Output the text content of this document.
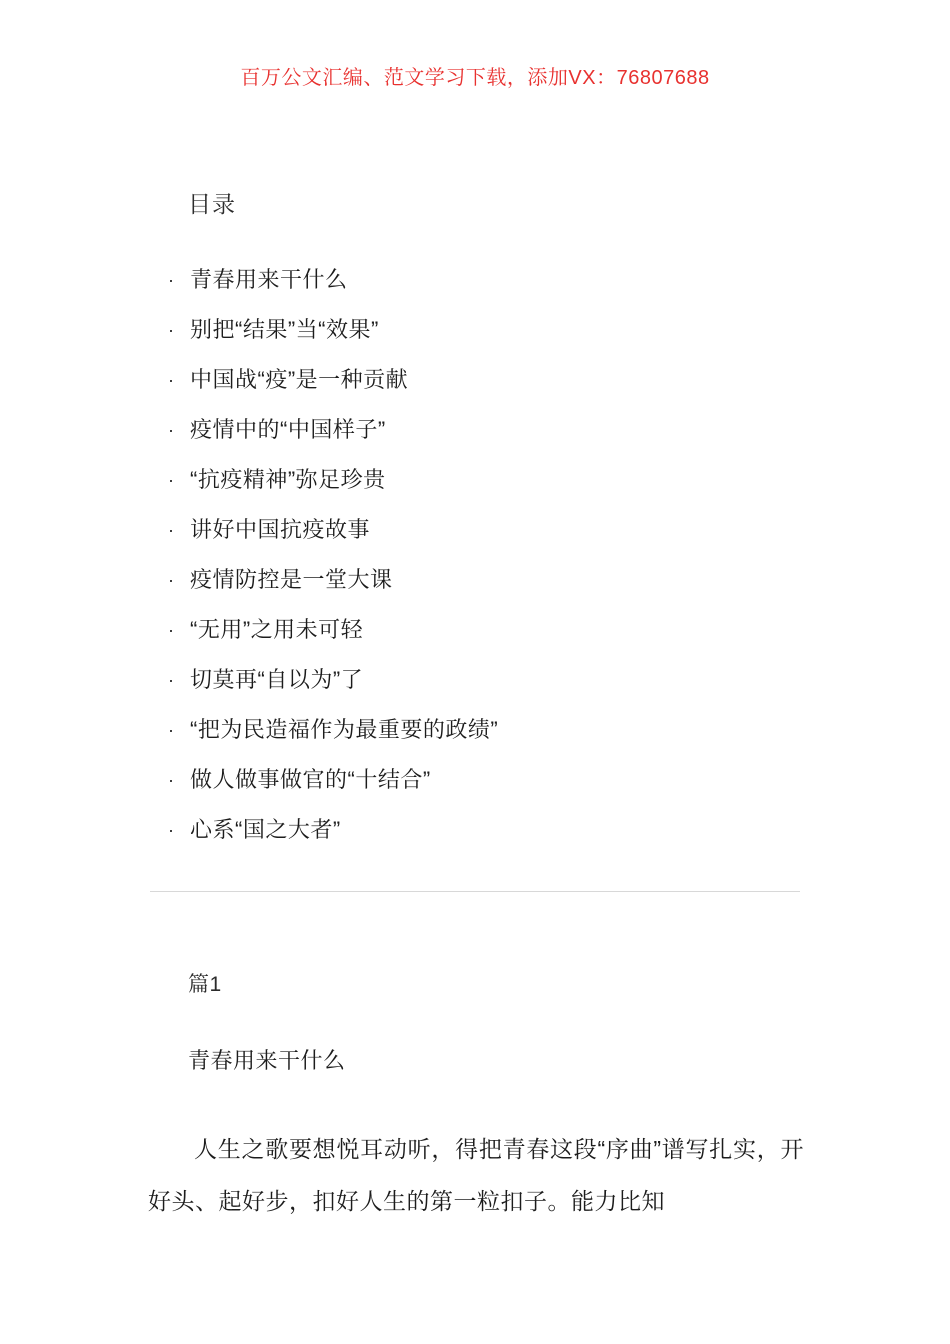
百万公文汇编、范文学习下载，添加VX：76807688
目录
· 青春用来干什么
· 别把“结果”当“效果”
· 中国战“疫”是一种贡献
· 疫情中的“中国样子”
· “抗疫精神”弥足珍贵
· 讲好中国抗疫故事
· 疫情防控是一堂大课
· “无用”之用未可轻
· 切莫再“自以为”了
· “把为民造福作为最重要的政绩”
· 做人做事做官的“十结合”
· 心系“国之大者”
篇1
青春用来干什么

人生之歌要想悦耳动听，得把青春这段“序曲”谱写扎实，开好头、起好步，扣好人生的第一粒扣子。能力比知
